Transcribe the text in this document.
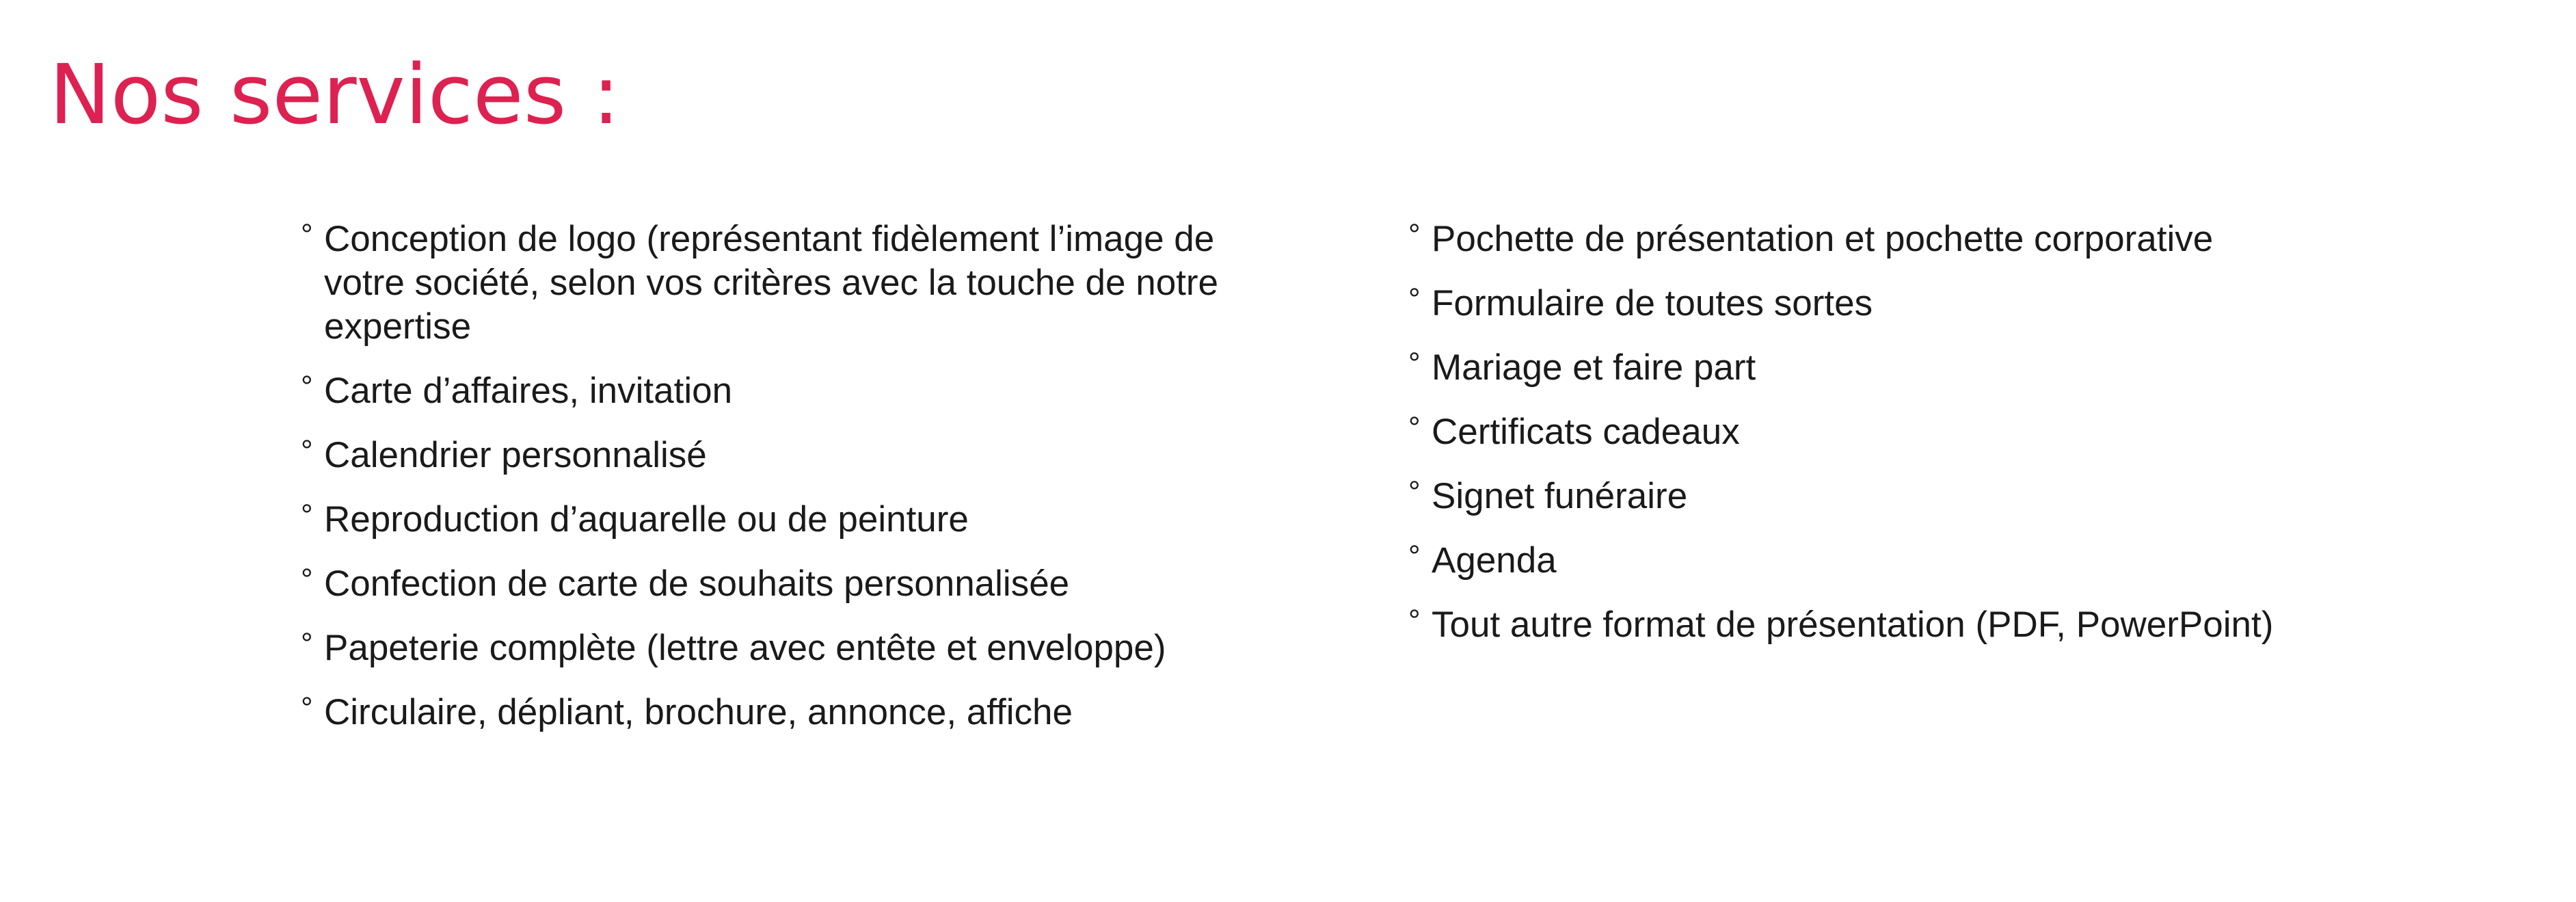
Nos services :
° Conception de logo (représentant fidèlement l’image de votre société, selon vos critères avec la touche de notre expertise
° Carte d’affaires, invitation
° Calendrier personnalisé
° Reproduction d’aquarelle ou de peinture
° Confection de carte de souhaits personnalisée
° Papeterie complète (lettre avec entête et enveloppe)
° Circulaire, dépliant, brochure, annonce, affiche
° Pochette de présentation et pochette corporative
° Formulaire de toutes sortes
° Mariage et faire part
° Certificats cadeaux
° Signet funéraire
° Agenda
° Tout autre format de présentation (PDF, PowerPoint)
